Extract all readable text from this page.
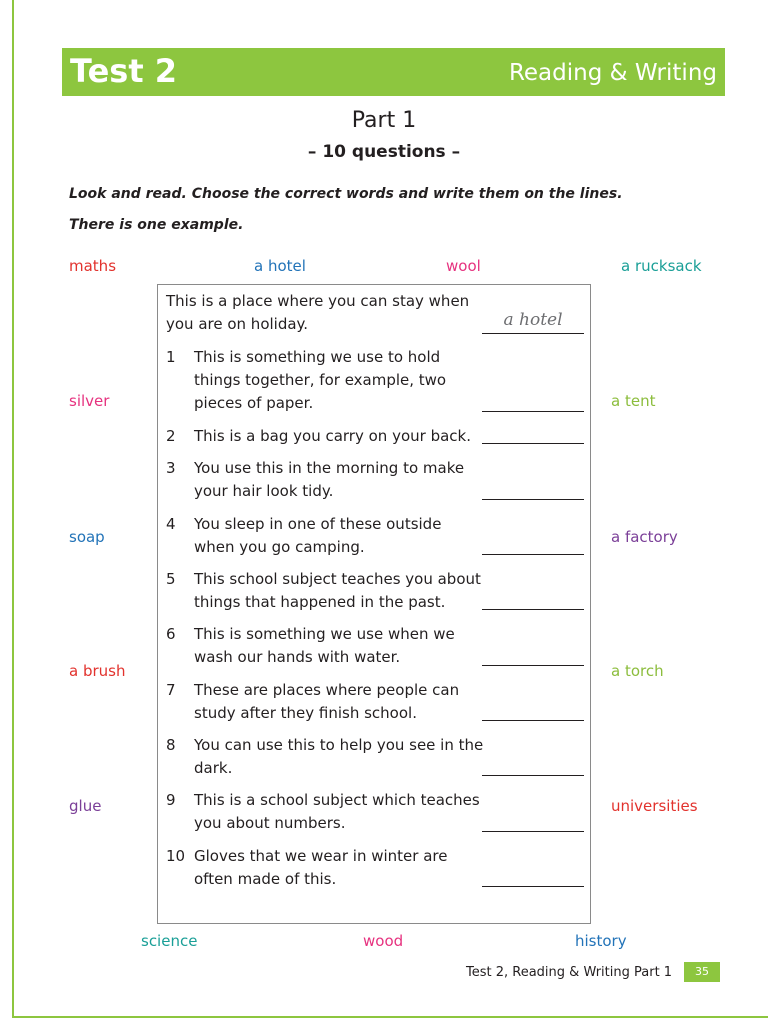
Test 2	Reading & Writing
Part 1
– 10 questions –
Look and read. Choose the correct words and write them on the lines.
There is one example.
maths	a hotel	wool	a rucksack
silver	a tent
soap	a factory
a brush	a torch
glue	universities
science	wood	history
This is a place where you can stay when you are on holiday.	a hotel
1	This is something we use to hold things together, for example, two pieces of paper.
2	This is a bag you carry on your back.
3	You use this in the morning to make your hair look tidy.
4	You sleep in one of these outside when you go camping.
5	This school subject teaches you about things that happened in the past.
6	This is something we use when we wash our hands with water.
7	These are places where people can study after they finish school.
8	You can use this to help you see in the dark.
9	This is a school subject which teaches you about numbers.
10 Gloves that we wear in winter are often made of this.
Test 2, Reading & Writing Part 1	35
